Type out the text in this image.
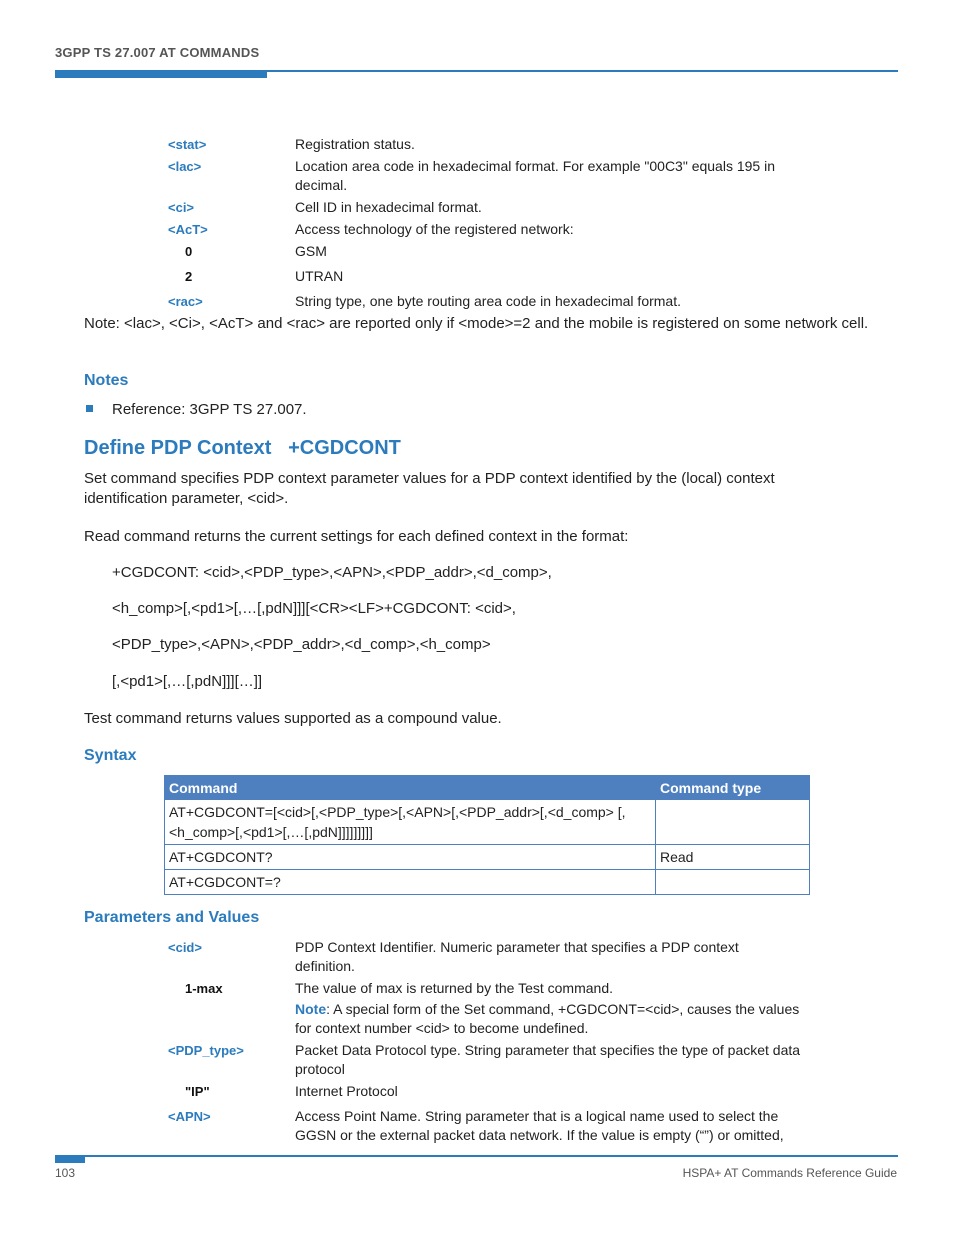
3GPP TS 27.007 AT COMMANDS
<stat>	Registration status.
<lac>	Location area code in hexadecimal format. For example "00C3" equals 195 in decimal.
<ci>	Cell ID in hexadecimal format.
<AcT>	Access technology of the registered network:
0	GSM
2	UTRAN
<rac>	String type, one byte routing area code in hexadecimal format.
Note: <lac>, <Ci>, <AcT> and <rac> are reported only if <mode>=2 and the mobile is registered on some network cell.
Notes
Reference: 3GPP TS 27.007.
Define PDP Context   +CGDCONT
Set command specifies PDP context parameter values for a PDP context identified by the (local) context identification parameter, <cid>.
Read command returns the current settings for each defined context in the format:
+CGDCONT: <cid>,<PDP_type>,<APN>,<PDP_addr>,<d_comp>,
<h_comp>[,<pd1>[,…[,pdN]]][<CR><LF>+CGDCONT: <cid>,
<PDP_type>,<APN>,<PDP_addr>,<d_comp>,<h_comp>
[,<pd1>[,…[,pdN]]][…]]
Test command returns values supported as a compound value.
Syntax
Command	Command type
AT+CGDCONT=[<cid>[,<PDP_type>[,<APN>[,<PDP_addr>[,<d_comp> [,<h_comp>[,<pd1>[,…[,pdN]]]]]]]]]	
AT+CGDCONT?	Read
AT+CGDCONT=?	
Parameters and Values
<cid>	PDP Context Identifier. Numeric parameter that specifies a PDP context definition.
1-max	The value of max is returned by the Test command.
Note: A special form of the Set command, +CGDCONT=<cid>, causes the values for context number <cid> to become undefined.
<PDP_type>	Packet Data Protocol type. String parameter that specifies the type of packet data protocol
"IP"	Internet Protocol
<APN>	Access Point Name. String parameter that is a logical name used to select the GGSN or the external packet data network. If the value is empty (“”) or omitted,
103	HSPA+ AT Commands Reference Guide
